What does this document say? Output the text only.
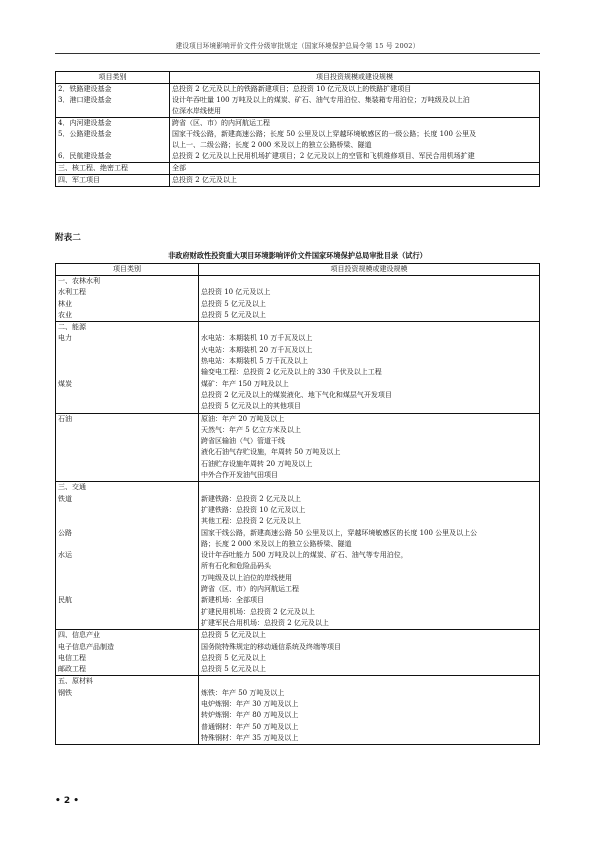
建设项目环境影响评价文件分级审批规定（国家环境保护总局令第 15 号 2002）
项目类别	项目投资规模或建设规模
2．铁路建设基金	总投资 2 亿元及以上的铁路新建项目；总投资 10 亿元及以上的铁路扩建项目
3．港口建设基金	设计年吞吐量 100 万吨及以上的煤炭、矿石、油气专用泊位、集装箱专用泊位；万吨级及以上泊
	位深水岸线使用
4．内河建设基金	跨省（区、市）的内河航运工程
5．公路建设基金	国家干线公路，新建高速公路；长度 50 公里及以上穿越环境敏感区的一级公路；长度 100 公里及
	以上一、二级公路；长度 2 000 米及以上的独立公路桥梁、隧道
6．民航建设基金	总投资 2 亿元及以上民用机场扩建项目；2 亿元及以上的空管和飞机维修项目、军民合用机场扩建
三、核工程、绝密工程	全部
四、军工项目	总投资 2 亿元及以上
附表二
非政府财政性投资重大项目环境影响评价文件国家环境保护总局审批目录（试行）
项目类别	项目投资规模或建设规模
一、农林水利	
水利工程	总投资 10 亿元及以上
林业	总投资 5 亿元及以上
农业	总投资 5 亿元及以上
二、能源	
电力	水电站：本期装机 10 万千瓦及以上
	火电站：本期装机 20 万千瓦及以上
	热电站：本期装机 5 万千瓦及以上
	输变电工程：总投资 2 亿元及以上的 330 千伏及以上工程
煤炭	煤矿：年产 150 万吨及以上
	总投资 2 亿元及以上的煤炭液化、地下气化和煤层气开发项目
	总投资 5 亿元及以上的其他项目
石油	原油：年产 20 万吨及以上
	天然气：年产 5 亿立方米及以上
	跨省区输油（气）管道干线
	液化石油气存贮设施，年周转 50 万吨及以上
	石油贮存设施年周转 20 万吨及以上
	中外合作开发油气田项目
三、交通	
铁道	新建铁路：总投资 2 亿元及以上
	扩建铁路：总投资 10 亿元及以上
	其他工程：总投资 2 亿元及以上
公路	国家干线公路，新建高速公路 50 公里及以上，穿越环境敏感区的长度 100 公里及以上公
	路；长度 2 000 米及以上的独立公路桥梁、隧道
水运	设计年吞吐能力 500 万吨及以上的煤炭、矿石、油气等专用泊位，
	所有石化和危险品码头
	万吨级及以上泊位的岸线使用
	跨省（区、市）的内河航运工程
民航	新建机场：全部项目
	扩建民用机场：总投资 2 亿元及以上
	扩建军民合用机场：总投资 2 亿元及以上
四、信息产业	总投资 5 亿元及以上
电子信息产品制造	国务院特殊规定的移动通信系统及终端等项目
电信工程	总投资 5 亿元及以上
邮政工程	总投资 5 亿元及以上
五、原材料	
钢铁	炼铁：年产 50 万吨及以上
	电炉炼钢：年产 30 万吨及以上
	转炉炼钢：年产 80 万吨及以上
	普通钢材：年产 50 万吨及以上
	特殊钢材：年产 35 万吨及以上
• 2 •
